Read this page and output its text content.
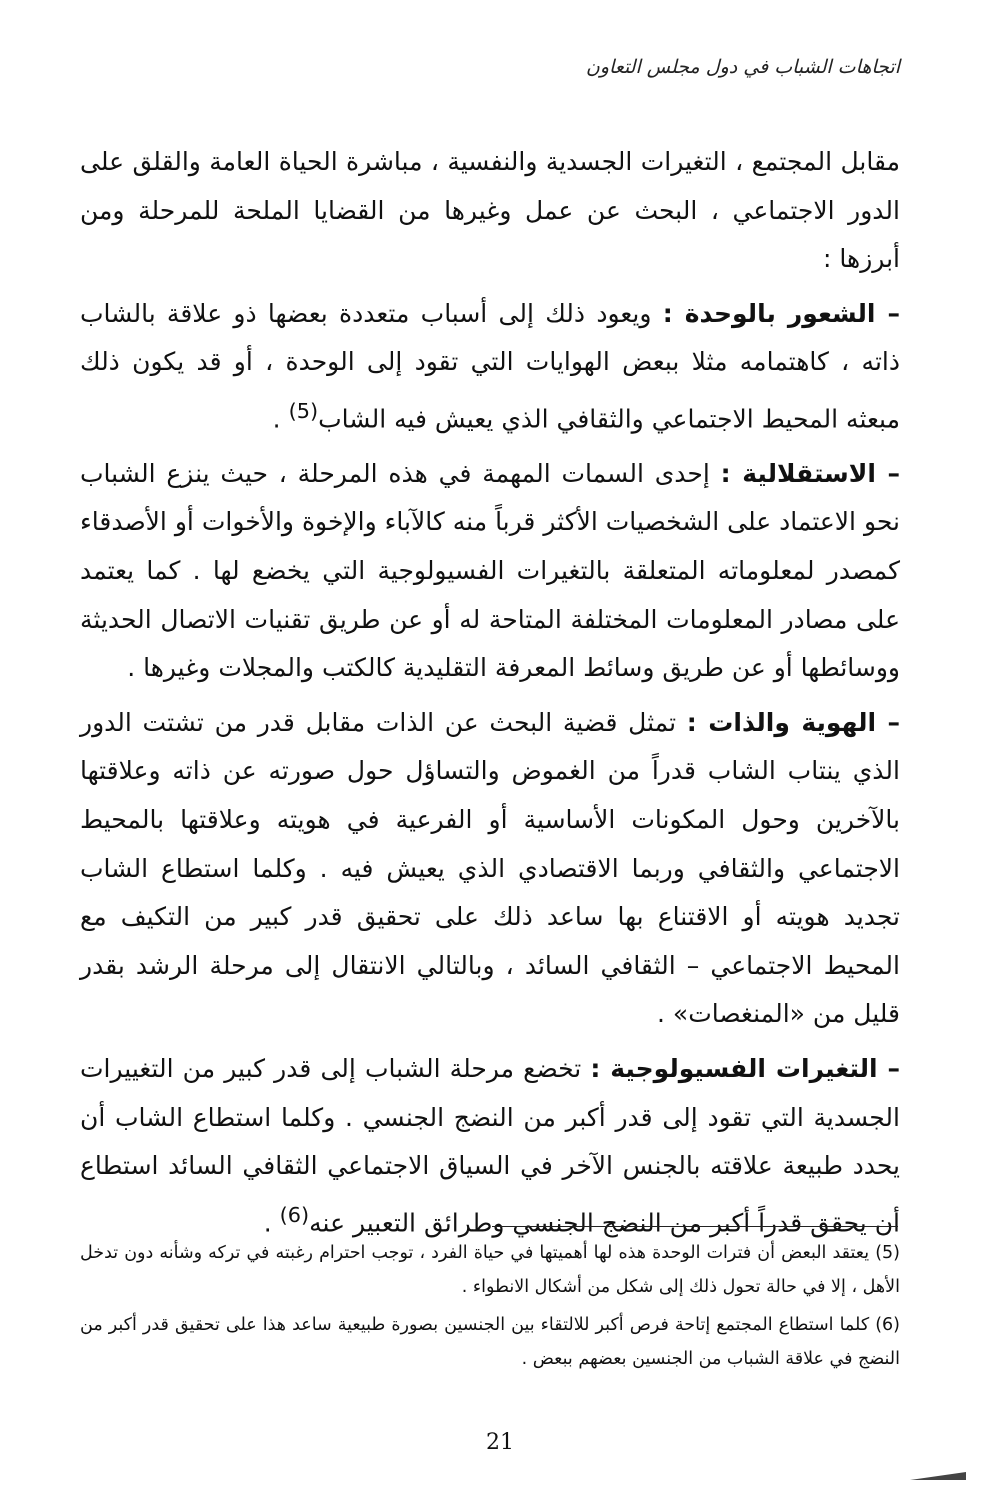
اتجاهات الشباب في دول مجلس التعاون

مقابل المجتمع ، التغيرات الجسدية والنفسية ، مباشرة الحياة العامة والقلق على الدور الاجتماعي ، البحث عن عمل وغيرها من القضايا الملحة للمرحلة ومن أبرزها :

– الشعور بالوحدة : ويعود ذلك إلى أسباب متعددة بعضها ذو علاقة بالشاب ذاته ، كاهتمامه مثلا ببعض الهوايات التي تقود إلى الوحدة ، أو قد يكون ذلك مبعثه المحيط الاجتماعي والثقافي الذي يعيش فيه الشاب$^{(5)}$ .

– الاستقلالية : إحدى السمات المهمة في هذه المرحلة ، حيث ينزع الشباب نحو الاعتماد على الشخصيات الأكثر قرباً منه كالآباء والإخوة والأخوات أو الأصدقاء كمصدر لمعلوماته المتعلقة بالتغيرات الفسيولوجية التي يخضع لها . كما يعتمد على مصادر المعلومات المختلفة المتاحة له أو عن طريق تقنيات الاتصال الحديثة ووسائطها أو عن طريق وسائط المعرفة التقليدية كالكتب والمجلات وغيرها .

– الهوية والذات : تمثل قضية البحث عن الذات مقابل قدر من تشتت الدور الذي ينتاب الشاب قدراً من الغموض والتساؤل حول صورته عن ذاته وعلاقتها بالآخرين وحول المكونات الأساسية أو الفرعية في هويته وعلاقتها بالمحيط الاجتماعي والثقافي وربما الاقتصادي الذي يعيش فيه . وكلما استطاع الشاب تجديد هويته أو الاقتناع بها ساعد ذلك على تحقيق قدر كبير من التكيف مع المحيط الاجتماعي – الثقافي السائد ، وبالتالي الانتقال إلى مرحلة الرشد بقدر قليل من «المنغصات» .

– التغيرات الفسيولوجية : تخضع مرحلة الشباب إلى قدر كبير من التغييرات الجسدية التي تقود إلى قدر أكبر من النضج الجنسي . وكلما استطاع الشاب أن يحدد طبيعة علاقته بالجنس الآخر في السياق الاجتماعي الثقافي السائد استطاع أن يحقق قدراً أكبر من النضج الجنسي وطرائق التعبير عنه$^{(6)}$ .

(5) يعتقد البعض أن فترات الوحدة هذه لها أهميتها في حياة الفرد ، توجب احترام رغبته في تركه وشأنه دون تدخل الأهل ، إلا في حالة تحول ذلك إلى شكل من أشكال الانطواء .

(6) كلما استطاع المجتمع إتاحة فرص أكبر للالتقاء بين الجنسين بصورة طبيعية ساعد هذا على تحقيق قدر أكبر من النضج في علاقة الشباب من الجنسين بعضهم ببعض .

21
